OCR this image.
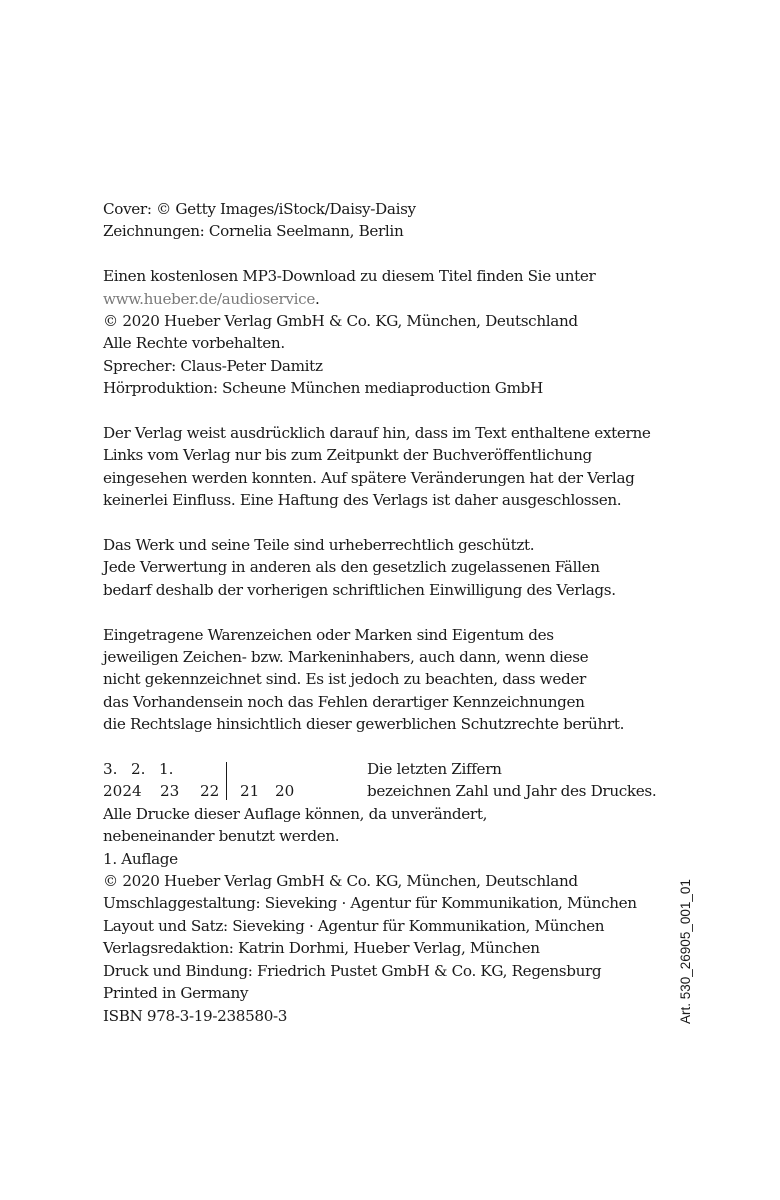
Cover: © Getty Images/iStock/Daisy-Daisy
Zeichnungen: Cornelia Seelmann, Berlin
Einen kostenlosen MP3-Download zu diesem Titel finden Sie unter
www.hueber.de/audioservice.
© 2020 Hueber Verlag GmbH & Co. KG, München, Deutschland
Alle Rechte vorbehalten.
Sprecher: Claus-Peter Damitz
Hörproduktion: Scheune München mediaproduction GmbH
Der Verlag weist ausdrücklich darauf hin, dass im Text enthaltene externe
Links vom Verlag nur bis zum Zeitpunkt der Buchveröffentlichung
eingesehen werden konnten. Auf spätere Veränderungen hat der Verlag
keinerlei Einfluss. Eine Haftung des Verlags ist daher ausgeschlossen.
Das Werk und seine Teile sind urheberrechtlich geschützt.
Jede Verwertung in anderen als den gesetzlich zugelassenen Fällen
bedarf deshalb der vorherigen schriftlichen Einwilligung des Verlags.
Eingetragene Warenzeichen oder Marken sind Eigentum des
jeweiligen Zeichen- bzw. Markeninhabers, auch dann, wenn diese
nicht gekennzeichnet sind. Es ist jedoch zu beachten, dass weder
das Vorhandensein noch das Fehlen derartiger Kennzeichnungen
die Rechtslage hinsichtlich dieser gewerblichen Schutzrechte berührt.
3. 2. 1.	Die letzten Ziffern
2024 23 22 21 20	bezeichnen Zahl und Jahr des Druckes.
Alle Drucke dieser Auflage können, da unverändert,
nebeneinander benutzt werden.
1. Auflage
© 2020 Hueber Verlag GmbH & Co. KG, München, Deutschland
Umschlaggestaltung: Sieveking · Agentur für Kommunikation, München
Layout und Satz: Sieveking · Agentur für Kommunikation, München
Verlagsredaktion: Katrin Dorhmi, Hueber Verlag, München
Druck und Bindung: Friedrich Pustet GmbH & Co. KG, Regensburg
Printed in Germany
ISBN 978-3-19-238580-3	Art. 530_26905_001_01
